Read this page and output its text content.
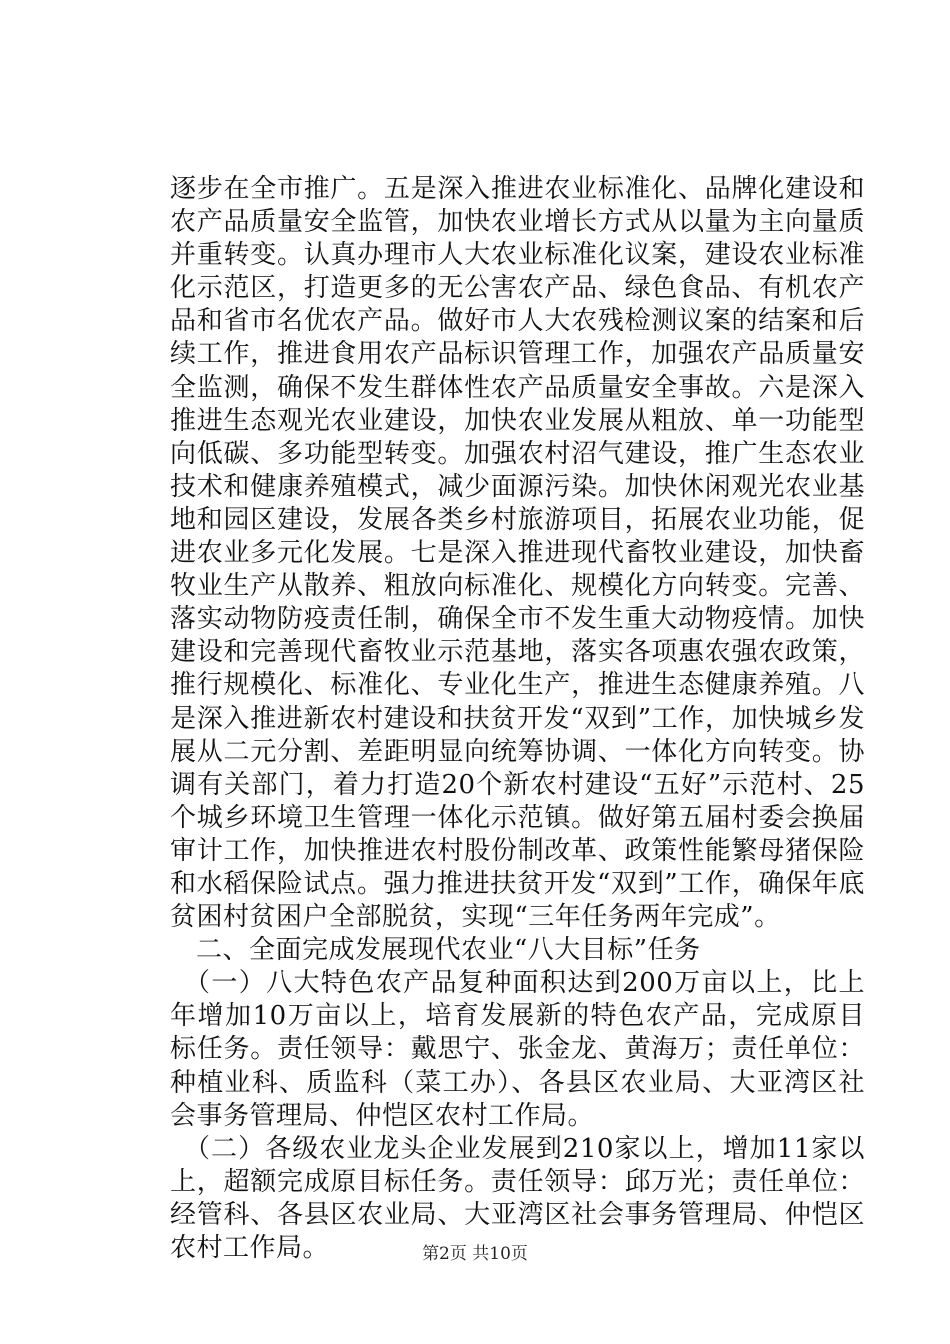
逐步在全市推广。五是深入推进农业标准化、品牌化建设和农产品质量安全监管，加快农业增长方式从以量为主向量质并重转变。认真办理市人大农业标准化议案，建设农业标准化示范区，打造更多的无公害农产品、绿色食品、有机农产品和省市名优农产品。做好市人大农残检测议案的结案和后续工作，推进食用农产品标识管理工作，加强农产品质量安全监测，确保不发生群体性农产品质量安全事故。六是深入推进生态观光农业建设，加快农业发展从粗放、单一功能型向低碳、多功能型转变。加强农村沼气建设，推广生态农业技术和健康养殖模式，减少面源污染。加快休闲观光农业基地和园区建设，发展各类乡村旅游项目，拓展农业功能，促进农业多元化发展。七是深入推进现代畜牧业建设，加快畜牧业生产从散养、粗放向标准化、规模化方向转变。完善、落实动物防疫责任制，确保全市不发生重大动物疫情。加快建设和完善现代畜牧业示范基地，落实各项惠农强农政策，推行规模化、标准化、专业化生产，推进生态健康养殖。八是深入推进新农村建设和扶贫开发“双到”工作，加快城乡发展从二元分割、差距明显向统筹协调、一体化方向转变。协调有关部门，着力打造20个新农村建设“五好”示范村、25个城乡环境卫生管理一体化示范镇。做好第五届村委会换届审计工作，加快推进农村股份制改革、政策性能繁母猪保险和水稻保险试点。强力推进扶贫开发“双到”工作，确保年底贫困村贫困户全部脱贫，实现“三年任务两年完成”。

二、全面完成发展现代农业“八大目标”任务

（一）八大特色农产品复种面积达到200万亩以上，比上年增加10万亩以上，培育发展新的特色农产品，完成原目标任务。责任领导：戴思宁、张金龙、黄海万；责任单位：种植业科、质监科（菜工办）、各县区农业局、大亚湾区社会事务管理局、仲恺区农村工作局。

（二）各级农业龙头企业发展到210家以上，增加11家以上，超额完成原目标任务。责任领导：邱万光；责任单位：经管科、各县区农业局、大亚湾区社会事务管理局、仲恺区农村工作局。	第2页 共10页
